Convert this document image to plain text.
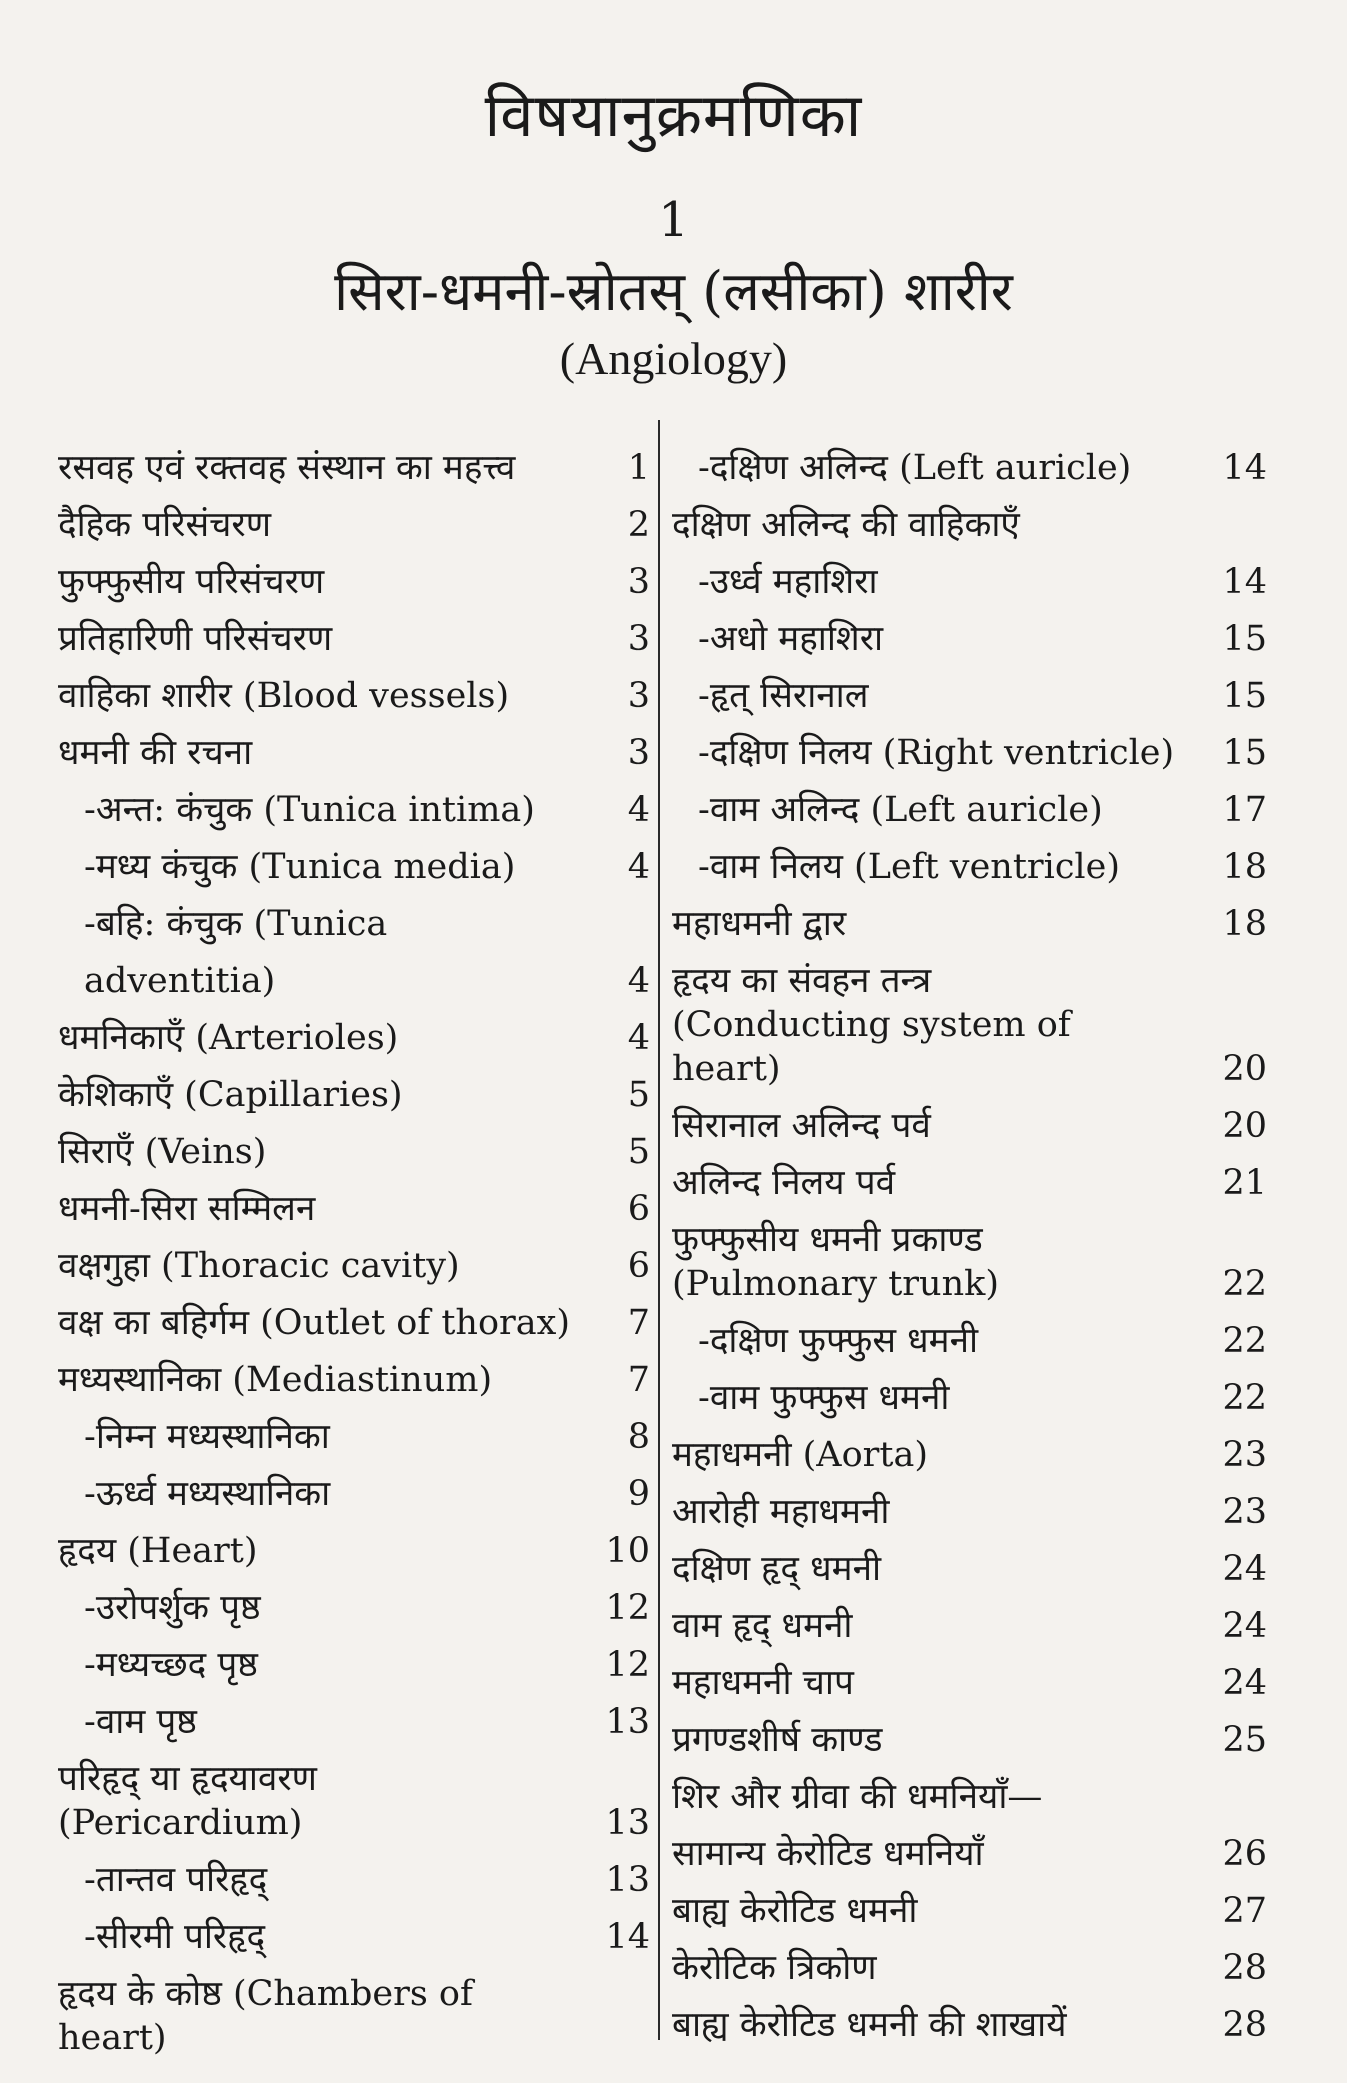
विषयानुक्रमणिका
1
सिरा-धमनी-स्रोतस् (लसीका) शारीर
(Angiology)
रसवह एवं रक्तवह संस्थान का महत्त्व	1
दैहिक परिसंचरण	2
फुफ्फुसीय परिसंचरण	3
प्रतिहारिणी परिसंचरण	3
वाहिका शारीर (Blood vessels)	3
धमनी की रचना	3
-अन्त: कंचुक (Tunica intima)	4
-मध्य कंचुक (Tunica media)	4
-बहि: कंचुक (Tunica adventitia)	4
धमनिकाएँ (Arterioles)	4
केशिकाएँ (Capillaries)	5
सिराएँ (Veins)	5
धमनी-सिरा सम्मिलन	6
वक्षगुहा (Thoracic cavity)	6
वक्ष का बहिर्गम (Outlet of thorax)	7
मध्यस्थानिका (Mediastinum)	7
-निम्न मध्यस्थानिका	8
-ऊर्ध्व मध्यस्थानिका	9
हृदय (Heart)	10
-उरोपर्शुक पृष्ठ	12
-मध्यच्छद पृष्ठ	12
-वाम पृष्ठ	13
परिहृद् या हृदयावरण (Pericardium)	13
-तान्तव परिहृद्	13
-सीरमी परिहृद्	14
हृदय के कोष्ठ (Chambers of heart)
-दक्षिण अलिन्द (Left auricle)	14
दक्षिण अलिन्द की वाहिकाएँ
-उर्ध्व महाशिरा	14
-अधो महाशिरा	15
-हृत् सिरानाल	15
-दक्षिण निलय (Right ventricle)	15
-वाम अलिन्द (Left auricle)	17
-वाम निलय (Left ventricle)	18
महाधमनी द्वार	18
हृदय का संवहन तन्त्र (Conducting system of heart)	20
सिरानाल अलिन्द पर्व	20
अलिन्द निलय पर्व	21
फुफ्फुसीय धमनी प्रकाण्ड (Pulmonary trunk)	22
-दक्षिण फुफ्फुस धमनी	22
-वाम फुफ्फुस धमनी	22
महाधमनी (Aorta)	23
आरोही महाधमनी	23
दक्षिण हृद् धमनी	24
वाम हृद् धमनी	24
महाधमनी चाप	24
प्रगण्डशीर्ष काण्ड	25
शिर और ग्रीवा की धमनियाँ—
सामान्य केरोटिड धमनियाँ	26
बाह्य केरोटिड धमनी	27
केरोटिक त्रिकोण	28
बाह्य केरोटिड धमनी की शाखायें	28
